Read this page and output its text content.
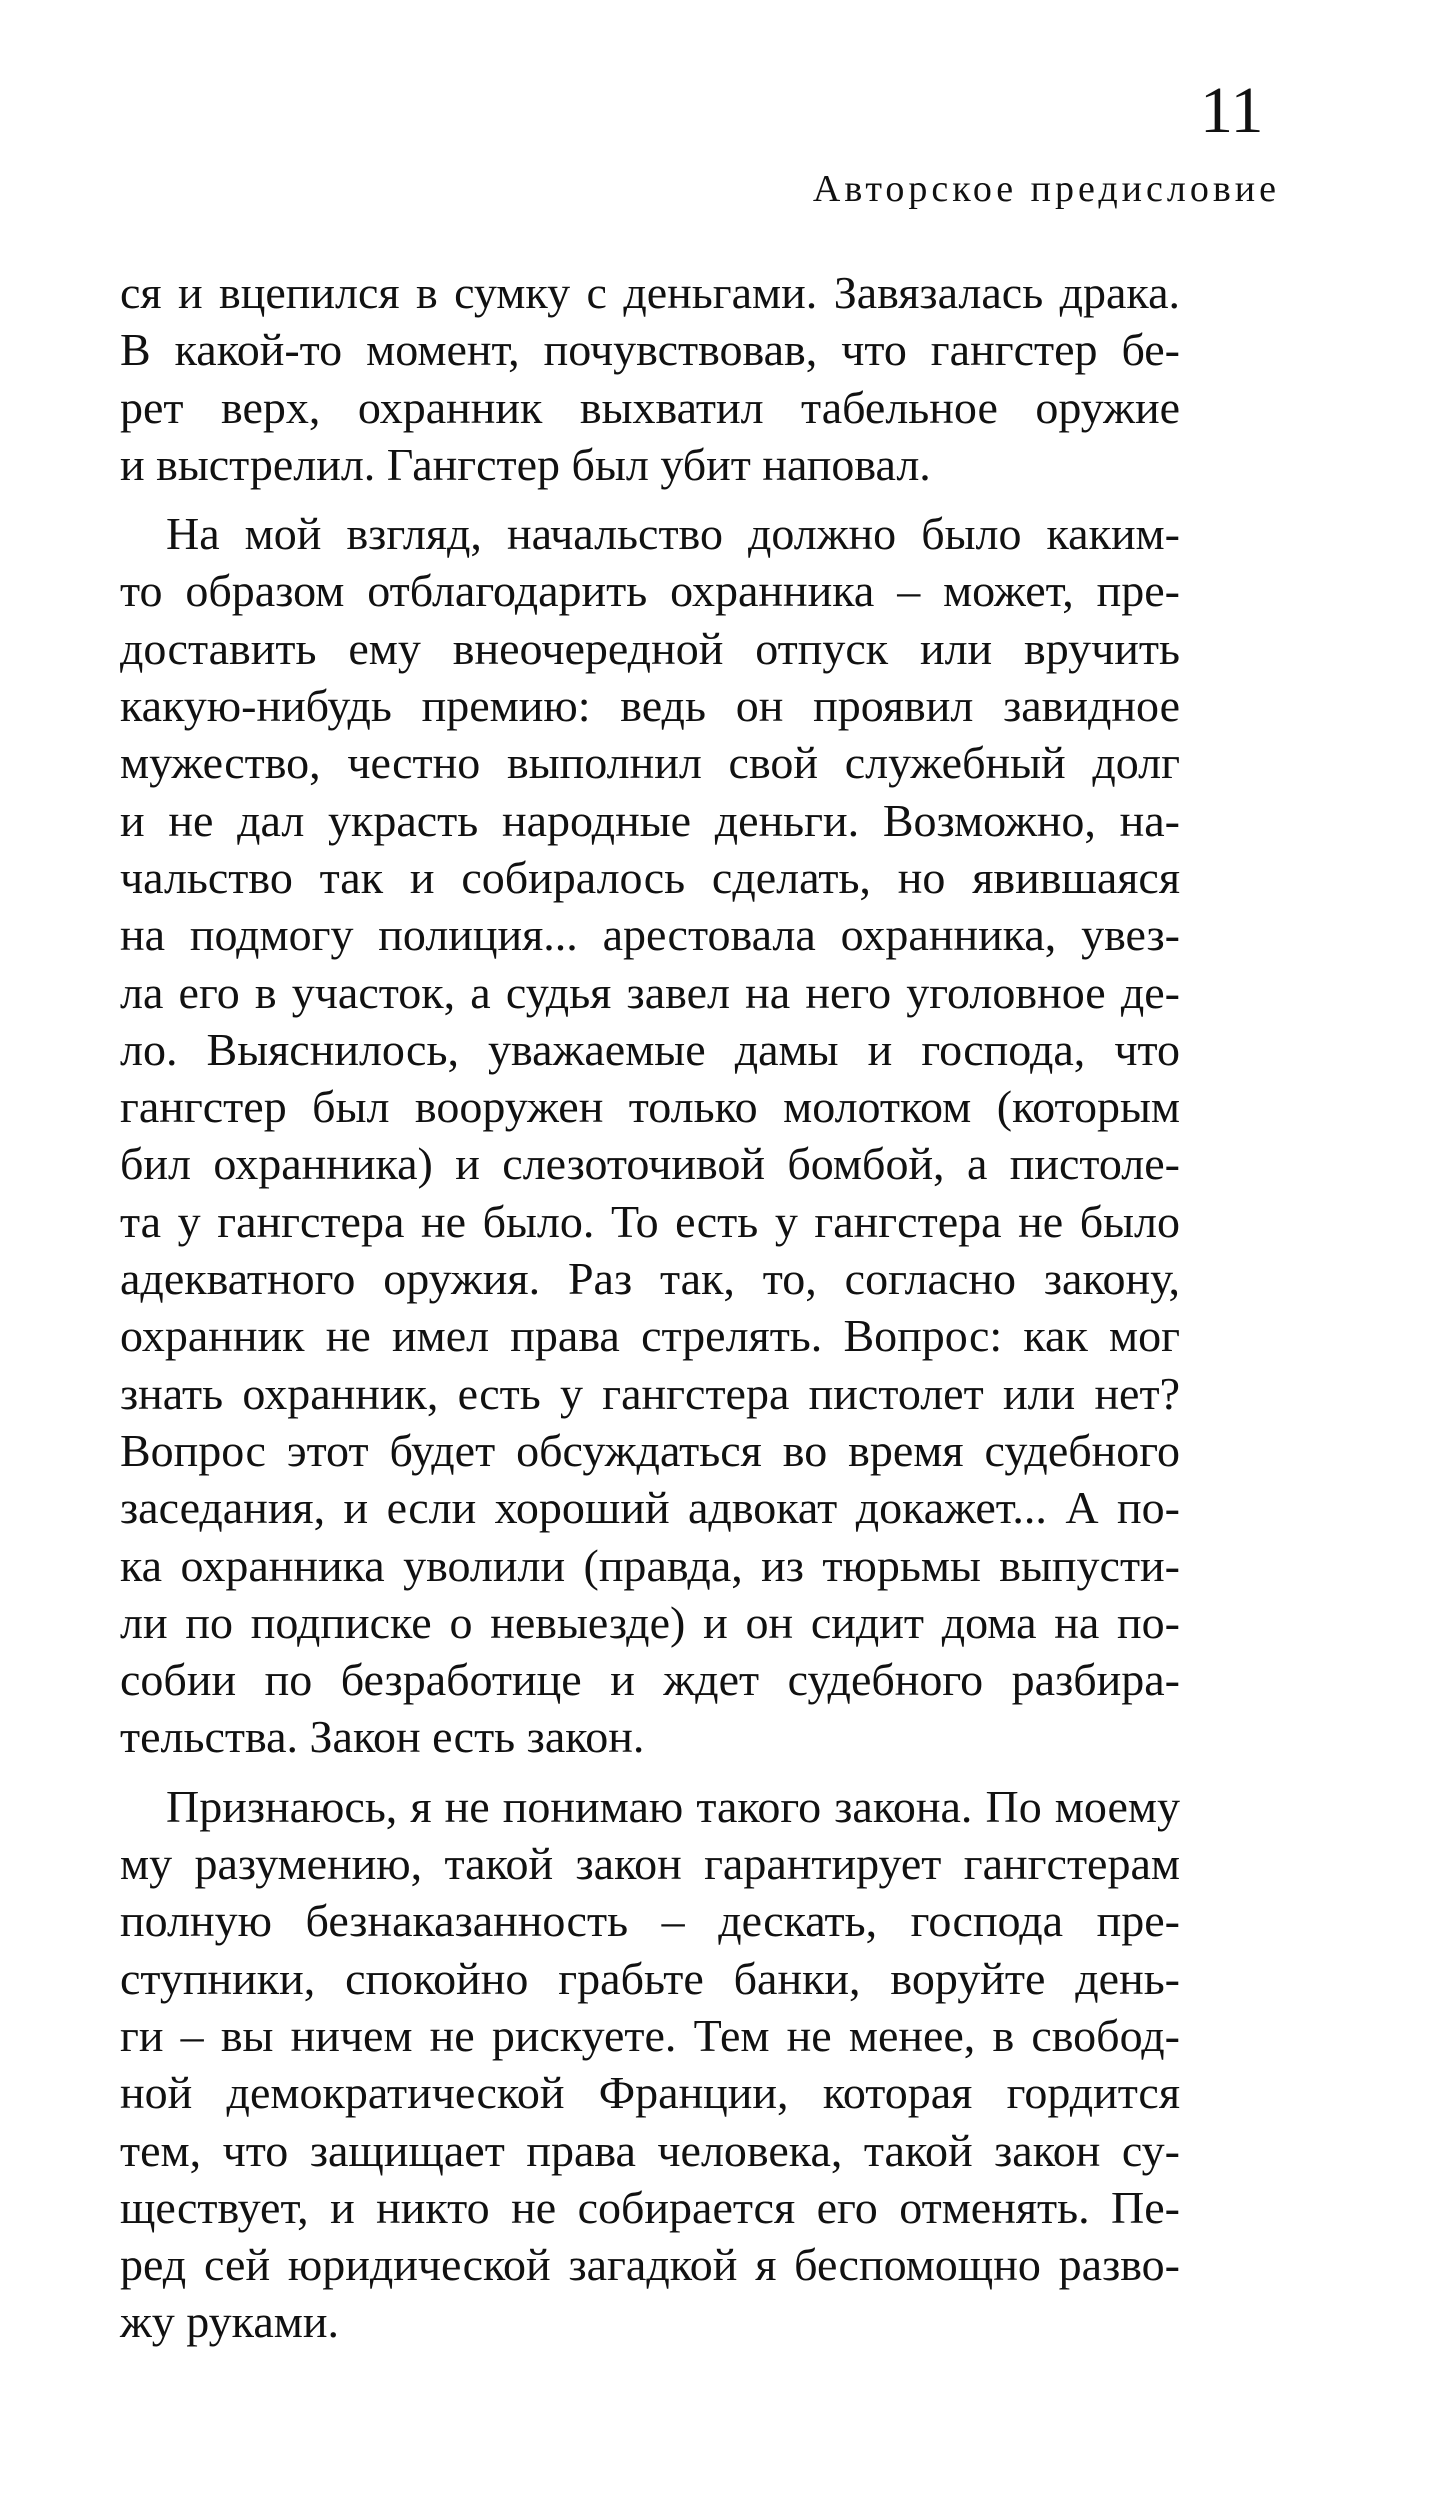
11
Авторское предисловие
ся и вцепился в сумку с деньгами. Завязалась драка.
В какой-то момент, почувствовав, что гангстер бе-
рет верх, охранник выхватил табельное оружие
и выстрелил. Гангстер был убит наповал.
На мой взгляд, начальство должно было каким-
то образом отблагодарить охранника – может, пре-
доставить ему внеочередной отпуск или вручить
какую-нибудь премию: ведь он проявил завидное
мужество, честно выполнил свой служебный долг
и не дал украсть народные деньги. Возможно, на-
чальство так и собиралось сделать, но явившаяся
на подмогу полиция... арестовала охранника, увез-
ла его в участок, а судья завел на него уголовное де-
ло. Выяснилось, уважаемые дамы и господа, что
гангстер был вооружен только молотком (которым
бил охранника) и слезоточивой бомбой, а пистоле-
та у гангстера не было. То есть у гангстера не было
адекватного оружия. Раз так, то, согласно закону,
охранник не имел права стрелять. Вопрос: как мог
знать охранник, есть у гангстера пистолет или нет?
Вопрос этот будет обсуждаться во время судебного
заседания, и если хороший адвокат докажет... А по-
ка охранника уволили (правда, из тюрьмы выпусти-
ли по подписке о невыезде) и он сидит дома на по-
собии по безработице и ждет судебного разбира-
тельства. Закон есть закон.
Признаюсь, я не понимаю такого закона. По моему
му разумению, такой закон гарантирует гангстерам
полную безнаказанность – дескать, господа пре-
ступники, спокойно грабьте банки, воруйте день-
ги – вы ничем не рискуете. Тем не менее, в свобод-
ной демократической Франции, которая гордится
тем, что защищает права человека, такой закон су-
ществует, и никто не собирается его отменять. Пе-
ред сей юридической загадкой я беспомощно разво-
жу руками.
